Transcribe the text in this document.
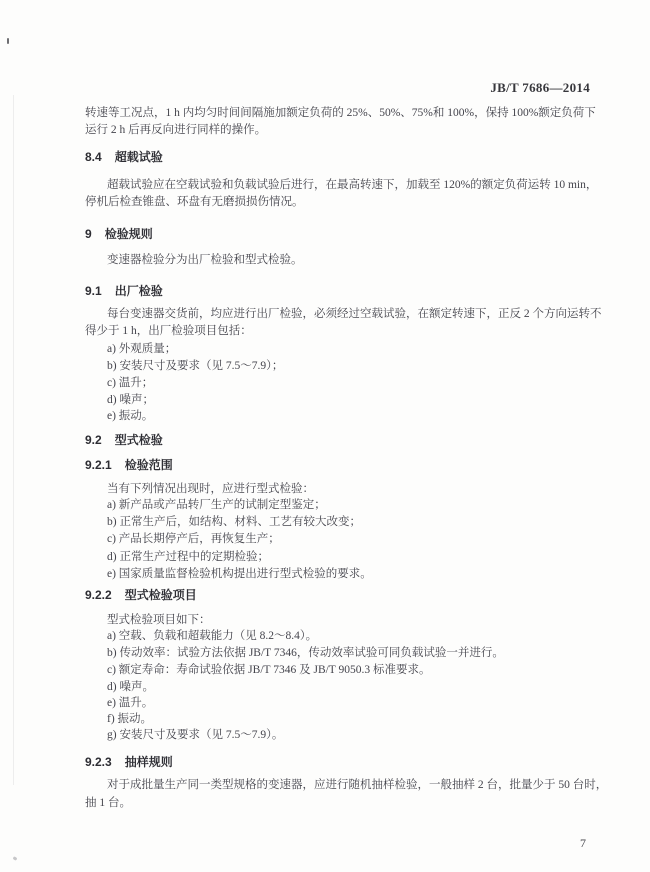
JB/T 7686—2014
转速等工况点，1 h 内均匀时间间隔施加额定负荷的 25%、50%、75%和 100%，保持 100%额定负荷下
运行 2 h 后再反向进行同样的操作。
8.4 超载试验
超载试验应在空载试验和负载试验后进行，在最高转速下，加载至 120%的额定负荷运转 10 min，
停机后检查锥盘、环盘有无磨损损伤情况。
9 检验规则
变速器检验分为出厂检验和型式检验。
9.1 出厂检验
每台变速器交货前，均应进行出厂检验，必须经过空载试验，在额定转速下，正反 2 个方向运转不
得少于 1 h，出厂检验项目包括：
a) 外观质量；
b) 安装尺寸及要求（见 7.5～7.9）；
c) 温升；
d) 噪声；
e) 振动。
9.2 型式检验
9.2.1 检验范围
当有下列情况出现时，应进行型式检验：
a) 新产品或产品转厂生产的试制定型鉴定；
b) 正常生产后，如结构、材料、工艺有较大改变；
c) 产品长期停产后，再恢复生产；
d) 正常生产过程中的定期检验；
e) 国家质量监督检验机构提出进行型式检验的要求。
9.2.2 型式检验项目
型式检验项目如下：
a) 空载、负载和超载能力（见 8.2～8.4）。
b) 传动效率：试验方法依据 JB/T 7346，传动效率试验可同负载试验一并进行。
c) 额定寿命：寿命试验依据 JB/T 7346 及 JB/T 9050.3 标准要求。
d) 噪声。
e) 温升。
f) 振动。
g) 安装尺寸及要求（见 7.5～7.9）。
9.2.3 抽样规则
对于成批量生产同一类型规格的变速器，应进行随机抽样检验，一般抽样 2 台，批量少于 50 台时，
抽 1 台。
7
